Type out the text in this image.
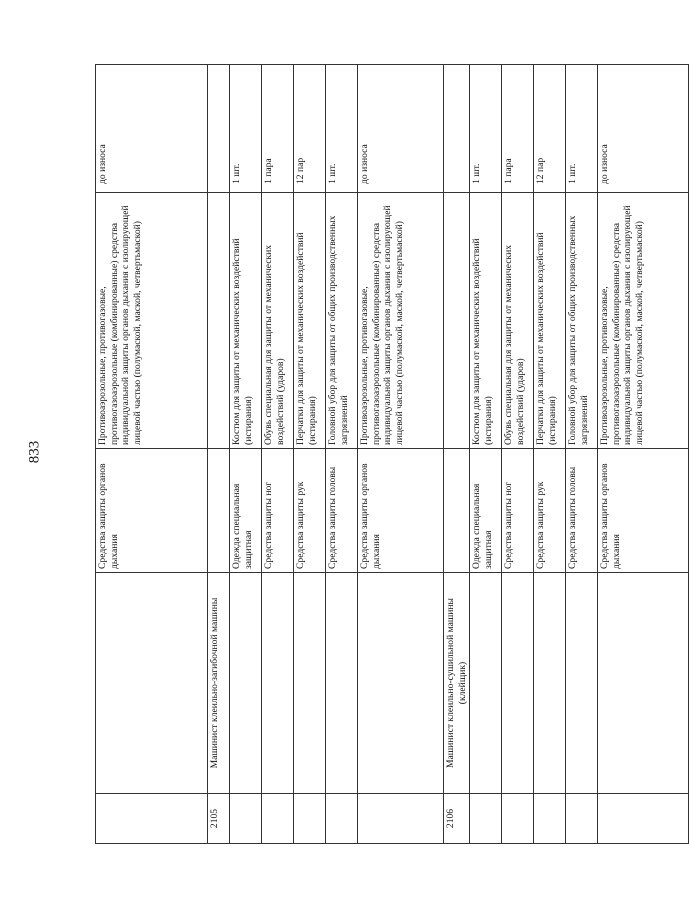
833
		Средства защиты органов дыхания	Противоаэрозольные, противогазовые, противогазоаэрозольные (комбинированные) средства индивидуальной защиты органов дыхания с изолирующей лицевой частью (полумаской, маской, четвертьмаской)	до износа
2105	Машинист клеильно-загибочной машины			
		Одежда специальная защитная	Костюм для защиты от механических воздействий (истирания)	1 шт.
		Средства защиты ног	Обувь специальная для защиты от механических воздействий (ударов)	1 пара
		Средства защиты рук	Перчатки для защиты от механических воздействий (истирания)	12 пар
		Средства защиты головы	Головной убор для защиты от общих производственных загрязнений	1 шт.
		Средства защиты органов дыхания	Противоаэрозольные, противогазовые, противогазоаэрозольные (комбинированные) средства индивидуальной защиты органов дыхания с изолирующей лицевой частью (полумаской, маской, четвертьмаской)	до износа
2106	Машинист клеильно-сушильной машины (клейщик)			
		Одежда специальная защитная	Костюм для защиты от механических воздействий (истирания)	1 шт.
		Средства защиты ног	Обувь специальная для защиты от механических воздействий (ударов)	1 пара
		Средства защиты рук	Перчатки для защиты от механических воздействий (истирания)	12 пар
		Средства защиты головы	Головной убор для защиты от общих производственных загрязнений	1 шт.
		Средства защиты органов дыхания	Противоаэрозольные, противогазовые, противогазоаэрозольные (комбинированные) средства индивидуальной защиты органов дыхания с изолирующей лицевой частью (полумаской, маской, четвертьмаской)	до износа
